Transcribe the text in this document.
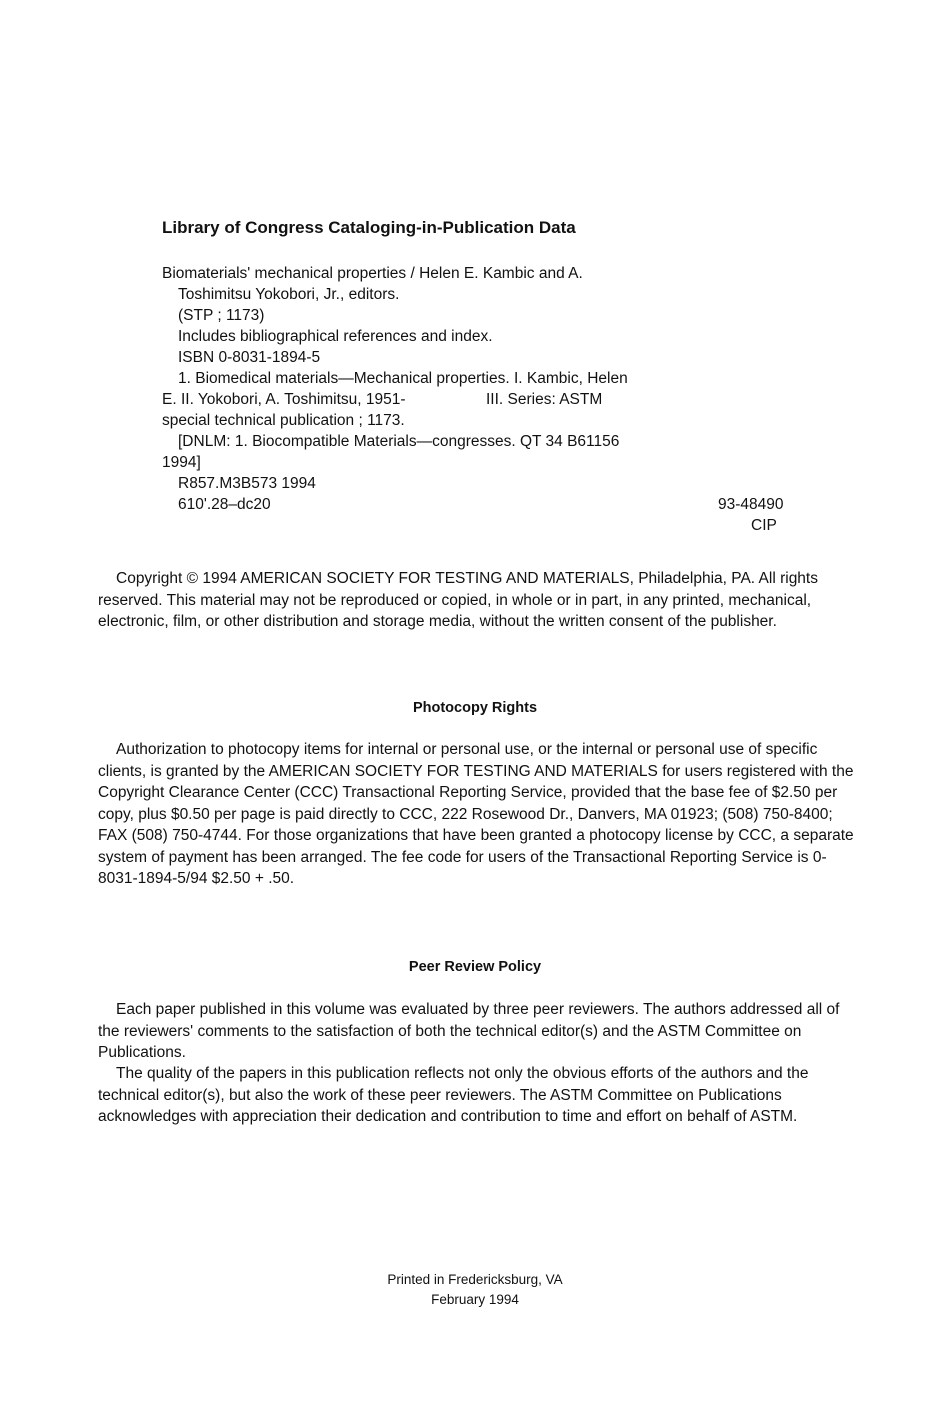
Library of Congress Cataloging-in-Publication Data
Biomaterials' mechanical properties / Helen E. Kambic and A.
Toshimitsu Yokobori, Jr., editors.
(STP ; 1173)
Includes bibliographical references and index.
ISBN 0-8031-1894-5
1. Biomedical materials—Mechanical properties. I. Kambic, Helen
E. II. Yokobori, A. Toshimitsu, 1951-	III. Series: ASTM
special technical publication ; 1173.
[DNLM: 1. Biocompatible Materials—congresses. QT 34 B61156
1994]
R857.M3B573 1994
610'.28–dc20	93-48490
CIP

Copyright © 1994 AMERICAN SOCIETY FOR TESTING AND MATERIALS, Philadelphia, PA. All rights reserved. This material may not be reproduced or copied, in whole or in part, in any printed, mechanical, electronic, film, or other distribution and storage media, without the written consent of the publisher.

Photocopy Rights

Authorization to photocopy items for internal or personal use, or the internal or personal use of specific clients, is granted by the AMERICAN SOCIETY FOR TESTING AND MATERIALS for users registered with the Copyright Clearance Center (CCC) Transactional Reporting Service, provided that the base fee of $2.50 per copy, plus $0.50 per page is paid directly to CCC, 222 Rosewood Dr., Danvers, MA 01923; (508) 750-8400; FAX (508) 750-4744. For those organizations that have been granted a photocopy license by CCC, a separate system of payment has been arranged. The fee code for users of the Transactional Reporting Service is 0-8031-1894-5/94 $2.50 + .50.

Peer Review Policy

Each paper published in this volume was evaluated by three peer reviewers. The authors addressed all of the reviewers' comments to the satisfaction of both the technical editor(s) and the ASTM Committee on Publications.

The quality of the papers in this publication reflects not only the obvious efforts of the authors and the technical editor(s), but also the work of these peer reviewers. The ASTM Committee on Publications acknowledges with appreciation their dedication and contribution to time and effort on behalf of ASTM.

Printed in Fredericksburg, VA
February 1994
